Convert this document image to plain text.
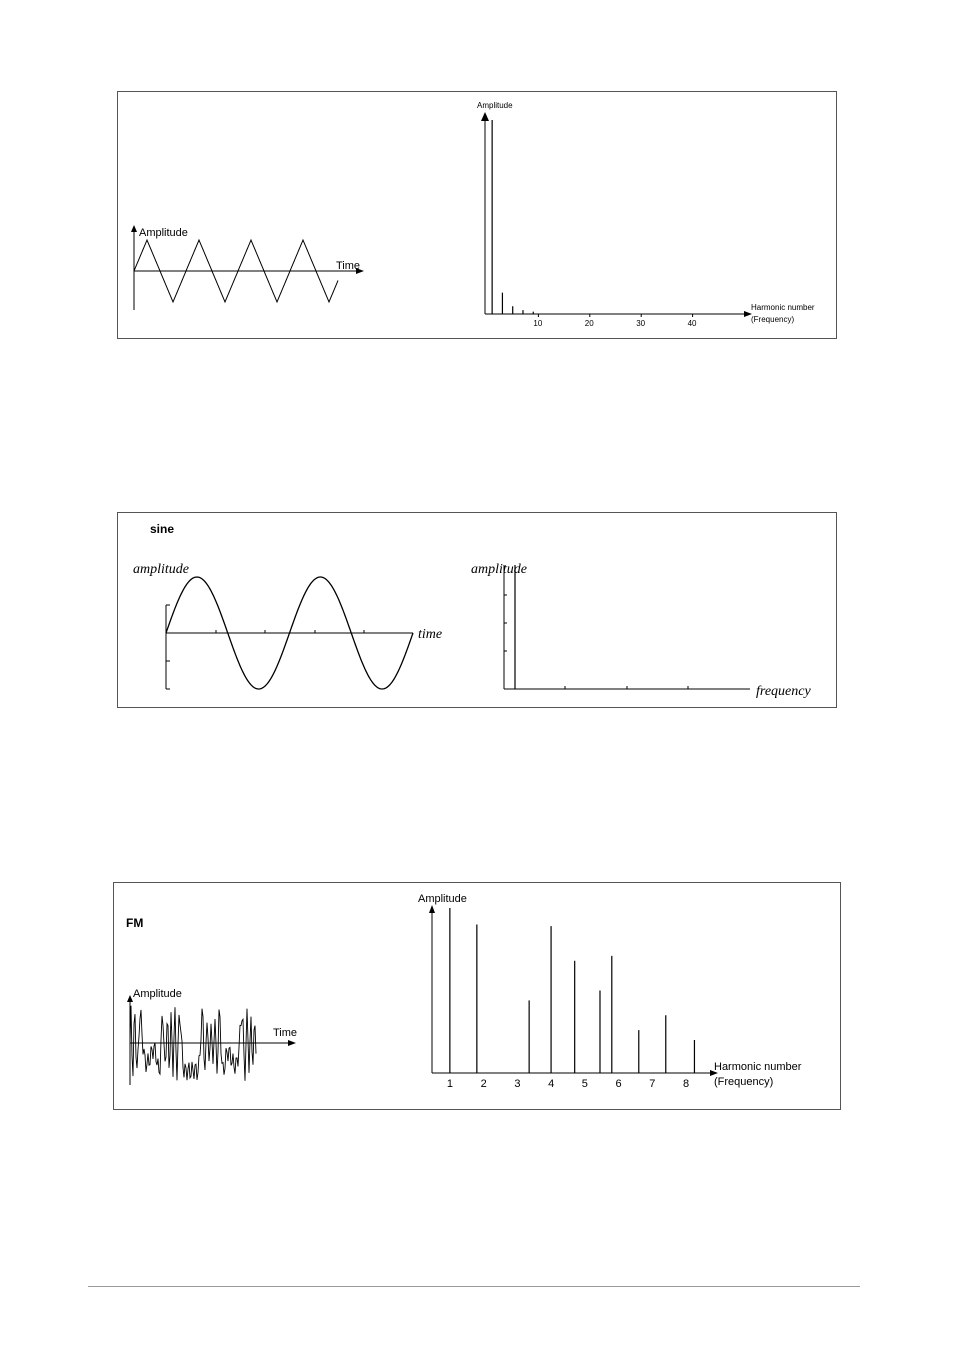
Amplitude
Time
Amplitude
Harmonic number
(Frequency)
10	20	30	40
sine
amplitude
time
amplitude
frequency
FM
Amplitude
Time
Amplitude
Harmonic number
(Frequency)
1	2	3	4	5	6	7	8
